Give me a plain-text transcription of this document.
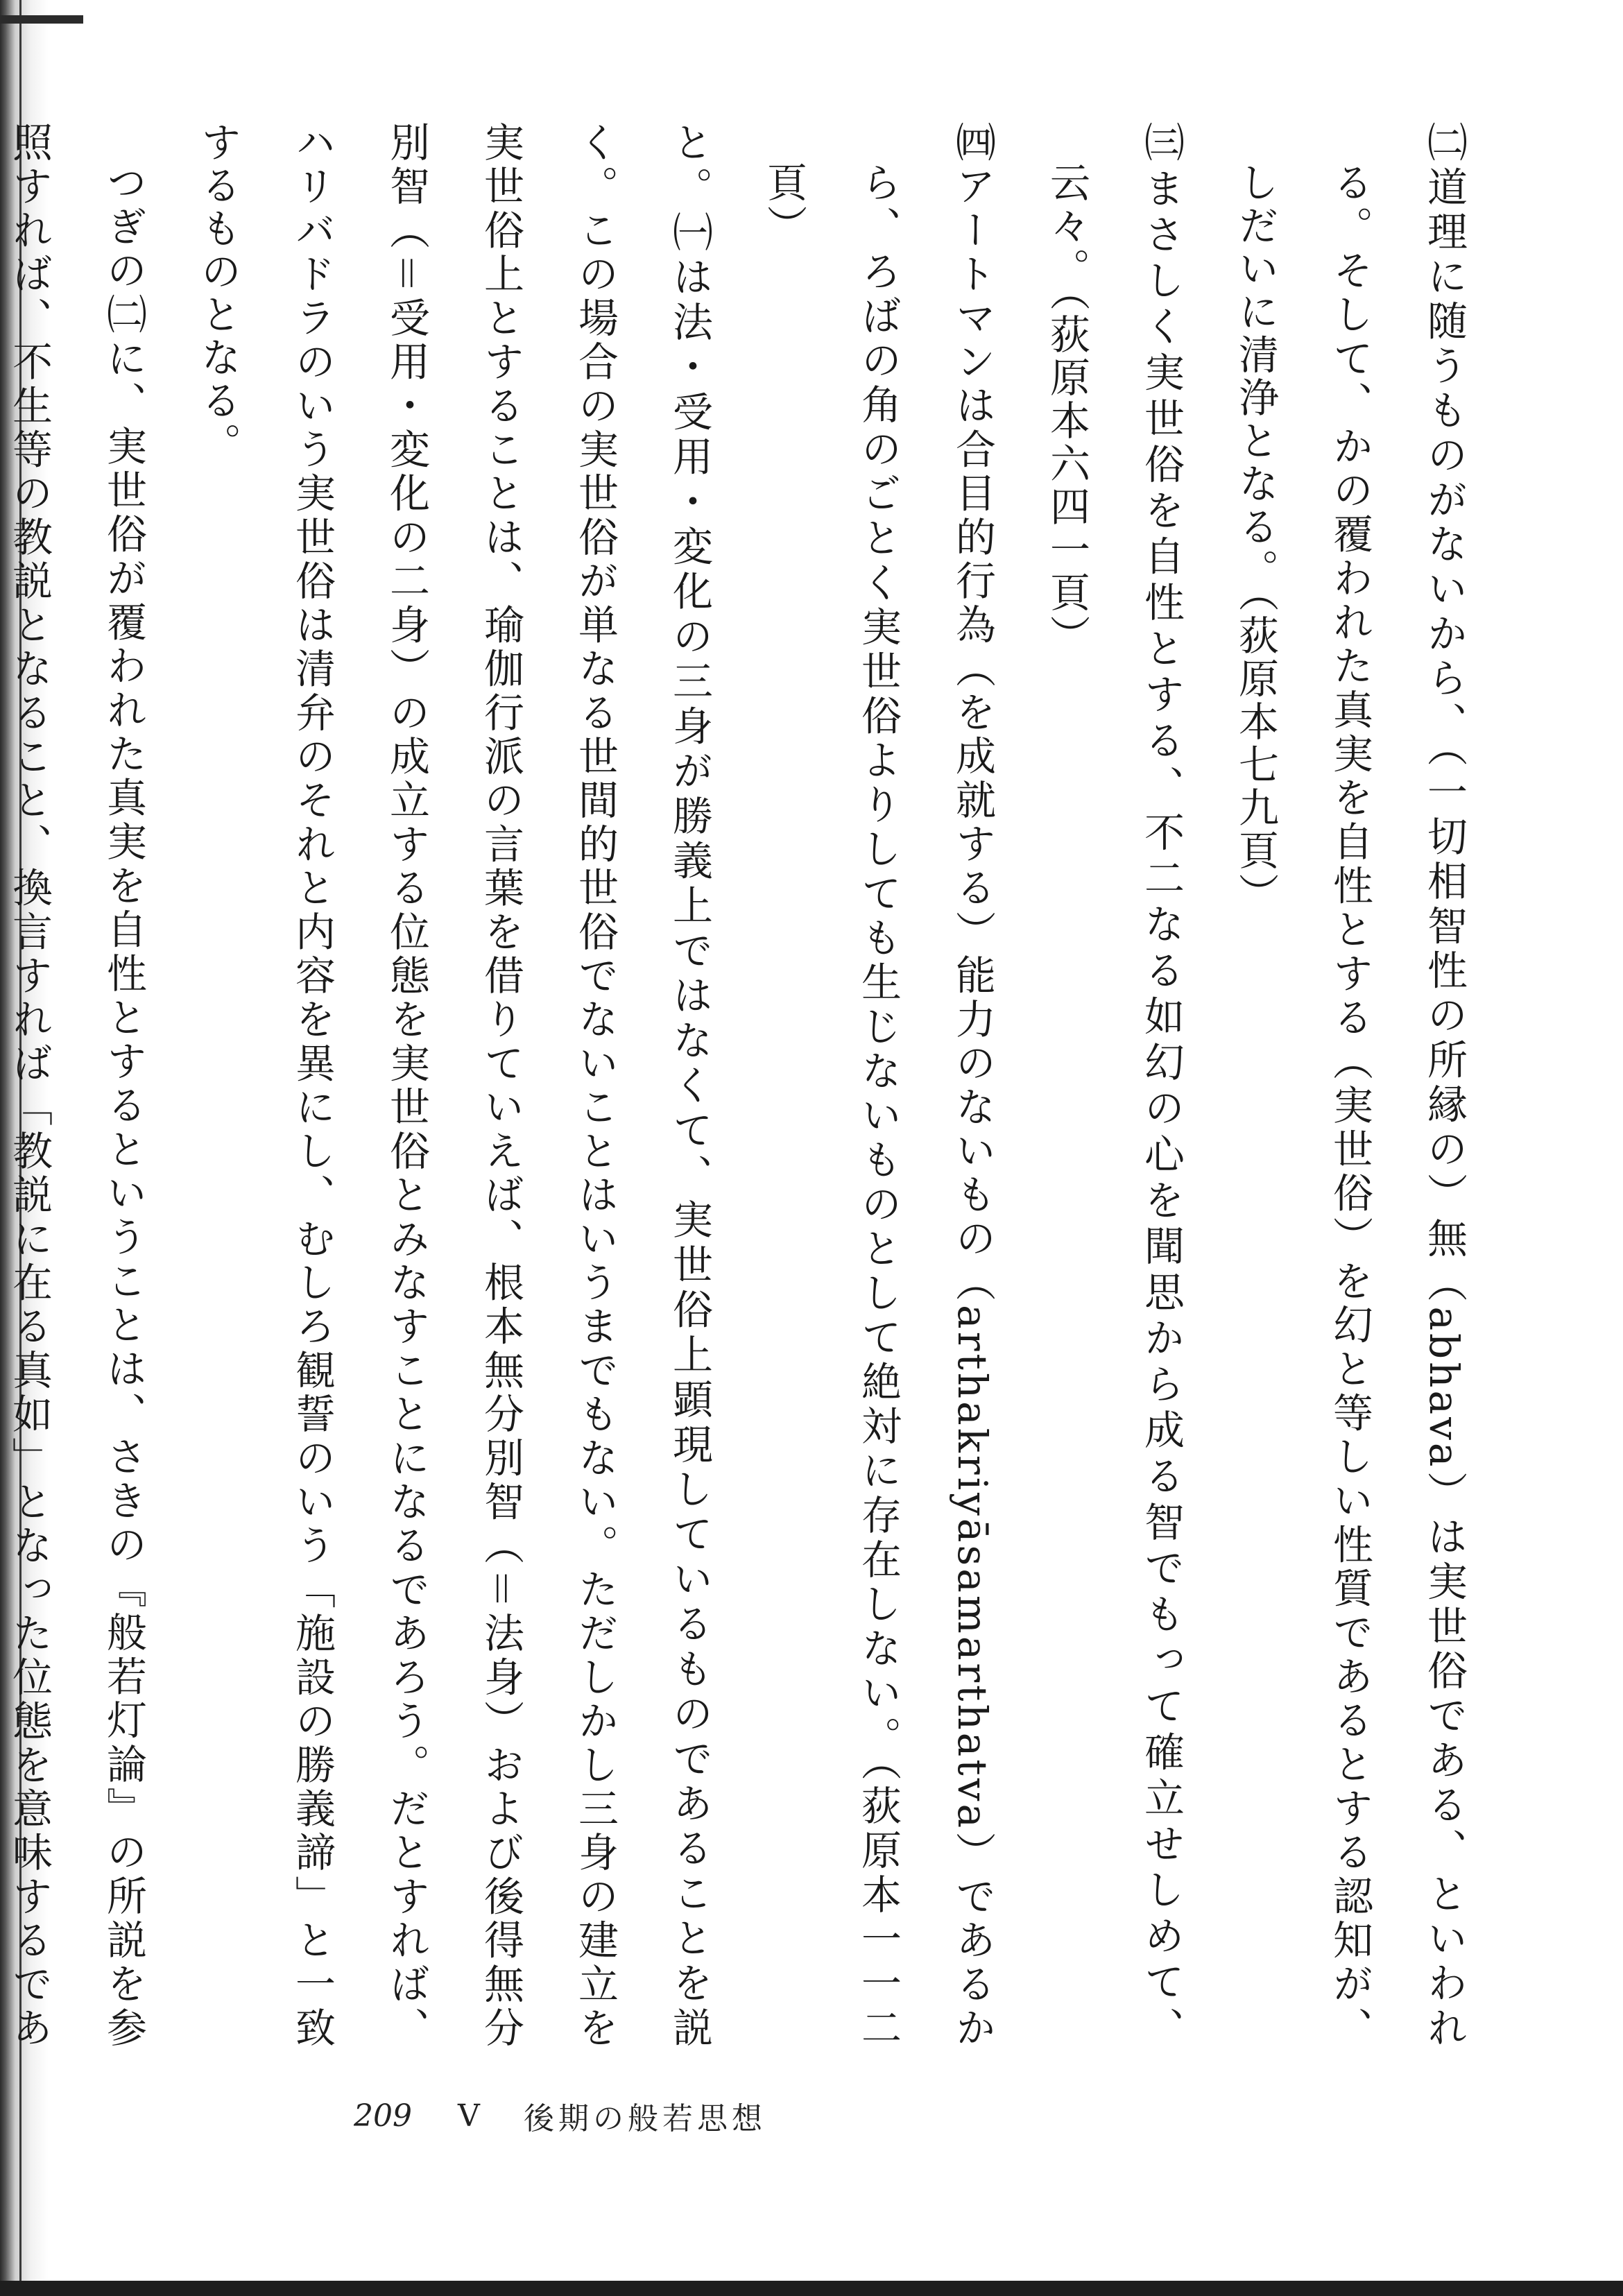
㈡道理に随うものがないから、（一切相智性の所縁の）無（abhava）は実世俗である、といわれる。そして、かの覆われた真実を自性とする（実世俗）を幻と等しい性質であるとする認知が、しだいに清浄となる。（荻原本七九頁）

㈢まさしく実世俗を自性とする、不二なる如幻の心を聞思から成る智でもって確立せしめて、云々。（荻原本六四一頁）

㈣アートマンは合目的行為（を成就する）能力のないもの（arthakriyāsamarthatva）であるから、ろばの角のごとく実世俗よりしても生じないものとして絶対に存在しない。（荻原本一一二頁）

と。㈠は法・受用・変化の三身が勝義上ではなくて、実世俗上顕現しているものであることを説く。この場合の実世俗が単なる世間的世俗でないことはいうまでもない。ただしかし三身の建立を実世俗上とすることは、瑜伽行派の言葉を借りていえば、根本無分別智（＝法身）および後得無分別智（＝受用・変化の二身）の成立する位態を実世俗とみなすことになるであろう。だとすれば、ハリバドラのいう実世俗は清弁のそれと内容を異にし、むしろ観誓のいう「施設の勝義諦」と一致するものとなる。

つぎの㈡に、実世俗が覆われた真実を自性とするということは、さきの『般若灯論』の所説を参照すれば、不生等の教説となること、換言すれば「教説に在る真如」となった位態を意味するであ

209	V	後期の般若思想
